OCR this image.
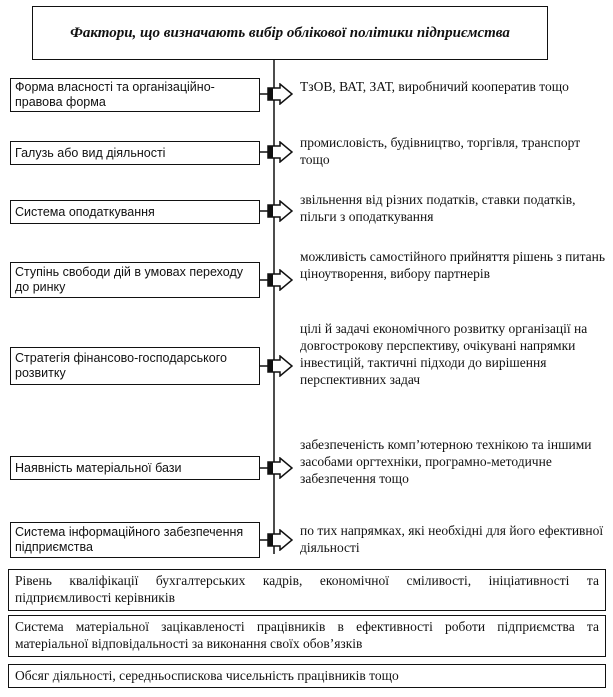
Фактори, що визначають вибір облікової політики підприємства
Форма власності та організаційно-правова форма
Галузь або вид діяльності
Система оподаткування
Ступінь свободи дій в умовах переходу до ринку
Стратегія фінансово-господарського розвитку
Наявність матеріальної бази
Система інформаційного забезпечення підприємства
ТзОВ, ВАТ, ЗАТ, виробничий кооператив тощо
промисловість, будівництво, торгівля, транспорт тощо
звільнення від різних податків, ставки податків, пільги з оподаткування
можливість самостійного прийняття рішень з питань ціноутворення, вибору партнерів
цілі й задачі економічного розвитку організації на довгострокову перспективу, очікувані напрямки інвестицій, тактичні підходи до вирішення перспективних задач
забезпеченість комп’ютерною технікою та іншими засобами оргтехніки, програмно-методичне забезпечення тощо
по тих напрямках, які необхідні для його ефективної діяльності
Рівень кваліфікації бухгалтерських кадрів, економічної сміливості, ініціативності та підприємливості керівників
Система матеріальної зацікавленості працівників в ефективності роботи підприємства та матеріальної відповідальності за виконання своїх обов’язків
Обсяг діяльності, середньоспискова чисельність працівників тощо
